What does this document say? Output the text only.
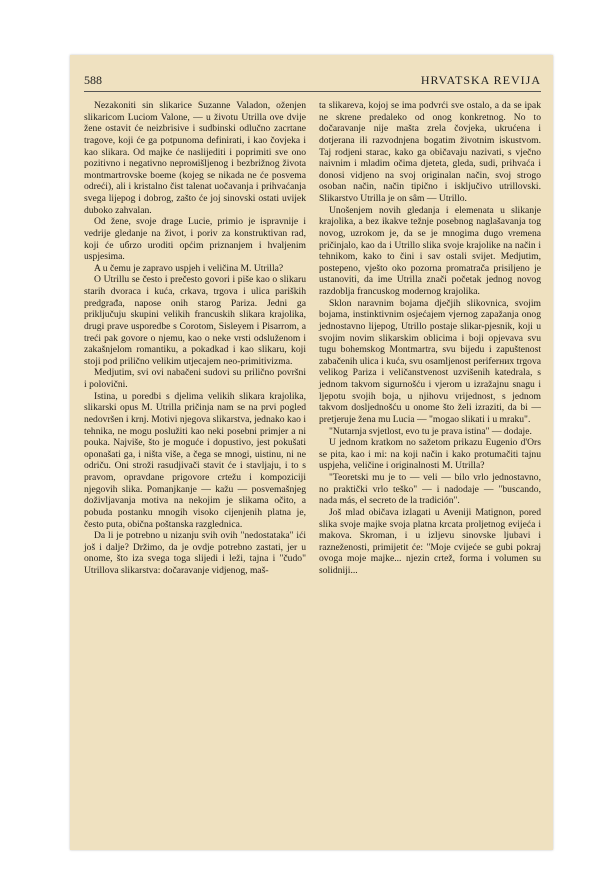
588	HRVATSKA REVIJA

Nezakoniti sin slikarice Suzanne Valadon, oženjen slikaricom Luciom Valone, — u životu Utrilla ove dvije žene ostavit će neizbrisive i sudbinski odlučno zacrtane tragove, koji će ga potpunoma definirati, i kao čovjeka i kao slikara. Od majke će naslijediti i poprimiti sve ono pozitivno i negativno neproмišljenog i bezbrižnog života montmartrovske boeme (kojeg se nikada ne će posvema odreći), ali i kristalno čist talenat uočavanja i prihvaćanja svega lijepog i dobrog, zašto će joj sinovski ostati uvijek duboko zahvalan.

Od žene, svoje drage Lucie, primio je ispravnije i vedrije gledanje na život, i poriv za konstruktivan rad, koji će uбrzo uroditi općim priznanjem i hvaljenim uspjesima.

A u čemu je zapravo uspjeh i veličina M. Utrilla?

O Utrillu se često i prečesto govori i piše kao o slikaru starih dvoraca i kuća, crkava, trgova i ulica pariških predgrađa, napose onih starog Pariza. Jedni ga priključuju skupini velikih francuskih slikara krajolika, drugi prave usporedbe s Corotom, Sisleyem i Pisarrom, a treći pak govore o njemu, kao o neke vrsti odsluženom i zakašnjelom romantiku, a pokadkad i kao slikaru, koji stoji pod prilično velikim utjecajem neo-primitivizma.

Medjutim, svi ovi nabačeni sudovi su prilično površni i polovični.

Istina, u poredbi s djelima velikih slikara krajolika, slikarski opus M. Utrilla pričinja nam se na prvi pogled nedovršen i krnj. Motivi njegova slikarstva, jednako kao i tehnika, ne mogu poslužiti kao neki posebni primjer a ni pouka. Najviše, što je moguće i dopustivo, jest pokušati oponašati ga, i ništa više, a čega se mnogi, uistinu, ni ne odriču. Oni stroži rasudjivači stavit će i stavljaju, i to s pravom, opravdane prigovore crtežu i kompoziciji njegovih slika. Pomanjkanje — kažu — posvemašnjeg doživljavanja motiva na nekojim je slikama očito, a pobuda postanku mnogih visoko cijenjenih platna je, često puta, obična poštanska razglednica.

Da li je potrebno u nizanju svih ovih "nedostataka" ići još i dalje? Držimo, da je ovdje potrebno zastati, jer u onome, što iza svega toga slijedi i leži, tajna i "čudo" Utrillova slikarstva: dočaravanje vidjenog, maš-

ta slikareva, kojoj se ima podvrći sve ostalo, a da se ipak ne skrene predaleko od onog konkretnog. No to dočaravanje nije mašta zrela čovjeka, ukrućena i dotjerana ili razvodnjena bogatim životnim iskustvom. Taj rodjeni starac, kako ga običavaju nazivati, s vječno naivnim i mladim očima djeteta, gleda, sudi, prihvaća i donosi vidjeno na svoj originalan način, svoj strogo osoban način, način tipično i isključivo utrillovski. Slikarstvo Utrilla je on sâm — Utrillo.

Unošenjem novih gledanja i elemenata u slikanje krajolika, a bez ikakve težnje posebnog naglašavanja tog novog, uzrokom je, da se je mnogima dugo vremena pričinjalo, kao da i Utrillo slika svoje krajolike na način i tehnikom, kako to čini i sav ostali svijet. Medjutim, postepeno, vješto oko pozorna promatrača prisiljeno je ustanoviti, da ime Utrilla znači početak jednog novog razdoblja francuskog modernog krajolika.

Sklon naravnim bojama dječjih slikovnica, svojim bojama, instinktivnim osjećajem vjernog zapažanja onog jednostavno lijepog, Utrillo postaje slikar-pjesnik, koji u svojim novim slikarskim oblicima i boji opjevava svu tugu bohemskog Montmartra, svu bijedu i zapuštenost zabačenih ulica i kuća, svu osamljenost periferних trgova velikog Pariza i veličanstvenost uzvišenih katedrala, s jednom takvom sigurnošću i vjerom u izražajnu snagu i ljepotu svojih boja, u njihovu vrijednost, s jednom takvom dosljednošću u onome što želi izraziti, da bi — pretjeruje žena mu Lucia — "mogao slikati i u mraku".

"Nutarnja svjetlost, evo tu je prava istina" — dodaje.

U jednom kratkom no sažetom prikazu Eugenio d'Ors se pita, kao i mi: na koji način i kako protumačiti tajnu uspjeha, veličine i originalnosti M. Utrilla?

"Teoretski mu je to — veli — bilo vrlo jednostavno, no praktički vrlo teško" — i nadodaje — "buscando, nada más, el secreto de la tradición".

Još mlad običava izlagati u Aveniji Matignon, pored slika svoje majke svoja platna krcata proljetnog evijeća i makova. Skroman, i u izljevu sinovske ljubavi i razneženosti, primijetit će: "Moje cvijeće se gubi pokraj ovoga moje majke... njezin crtež, forma i volumen su solidniji...
